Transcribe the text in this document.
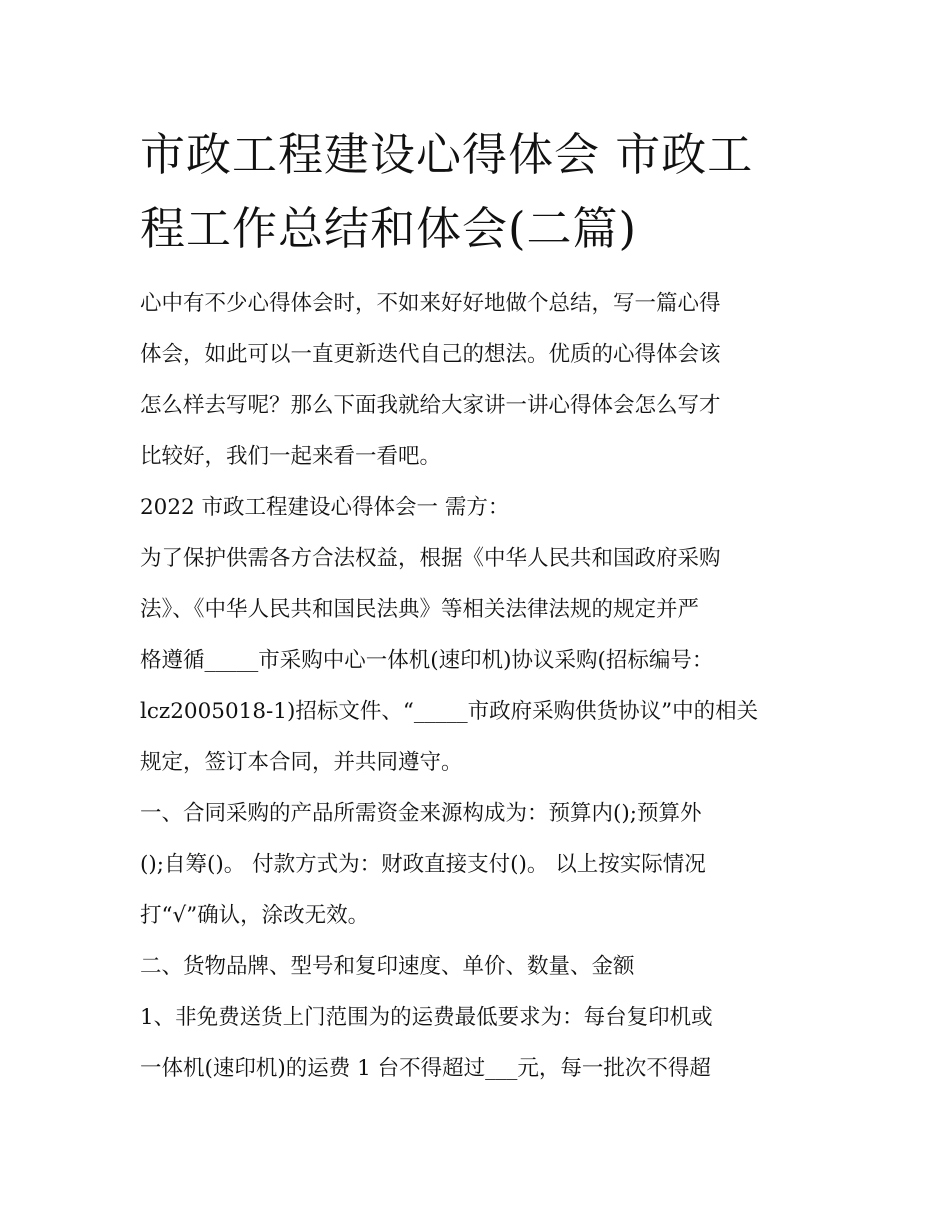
市政工程建设心得体会 市政工
程工作总结和体会(二篇)
心中有不少心得体会时，不如来好好地做个总结，写一篇心得
体会，如此可以一直更新迭代自己的想法。优质的心得体会该
怎么样去写呢？那么下面我就给大家讲一讲心得体会怎么写才
比较好，我们一起来看一看吧。
2022 市政工程建设心得体会一 需方：
为了保护供需各方合法权益，根据《中华人民共和国政府采购
法》、《中华人民共和国民法典》等相关法律法规的规定并严
格遵循_____市采购中心一体机(速印机)协议采购(招标编号：
lcz2005018-1)招标文件、“_____市政府采购供货协议”中的相关
规定，签订本合同，并共同遵守。
一、合同采购的产品所需资金来源构成为：预算内();预算外
();自筹()。 付款方式为：财政直接支付()。 以上按实际情况
打“√”确认，涂改无效。
二、货物品牌、型号和复印速度、单价、数量、金额
1、非免费送货上门范围为的运费最低要求为：每台复印机或
一体机(速印机)的运费 1 台不得超过___元，每一批次不得超
